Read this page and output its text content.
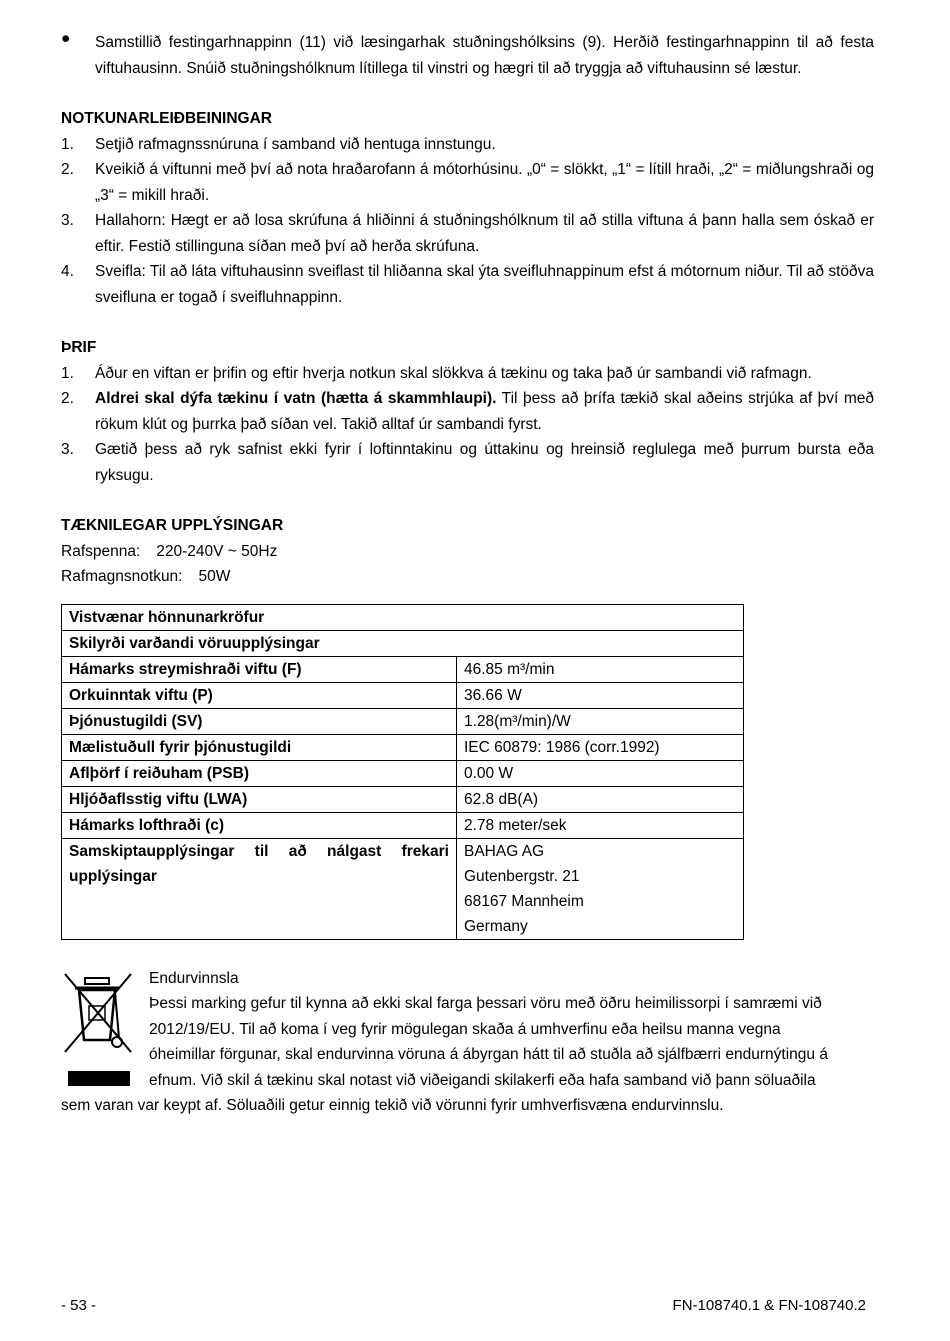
●	Samstillið festingarhnappinn (11) við læsingarhak stuðningshólksins (9). Herðið festingarhnappinn til að festa viftuhausinn. Snúið stuðningshólknum lítillega til vinstri og hægri til að tryggja að viftuhausinn sé læstur.
NOTKUNARLEIÐBEININGAR
1.	Setjið rafmagnssnúruna í samband við hentuga innstungu.
2.	Kveikið á viftunni með því að nota hraðarofann á mótorhúsinu. „0“ = slökkt, „1“ = lítill hraði, „2“ = miðlungshraði og „3“ = mikill hraði.
3.	Hallahorn: Hægt er að losa skrúfuna á hliðinni á stuðningshólknum til að stilla viftuna á þann halla sem óskað er eftir. Festið stillinguna síðan með því að herða skrúfuna.
4.	Sveifla: Til að láta viftuhausinn sveiflast til hliðanna skal ýta sveifluhnappinum efst á mótornum niður. Til að stöðva sveifluna er togað í sveifluhnappinn.
ÞRIF
1.	Áður en viftan er þrifin og eftir hverja notkun skal slökkva á tækinu og taka það úr sambandi við rafmagn.
2.	Aldrei skal dýfa tækinu í vatn (hætta á skammhlaupi). Til þess að þrífa tækið skal aðeins strjúka af því með rökum klút og þurrka það síðan vel. Takið alltaf úr sambandi fyrst.
3.	Gætið þess að ryk safnist ekki fyrir í loftinntakinu og úttakinu og hreinsið reglulega með þurrum bursta eða ryksugu.
TÆKNILEGAR UPPLÝSINGAR
Rafspenna: 220-240V ~ 50Hz
Rafmagnsnotkun: 50W
Vistvænar hönnunarkröfur	
Skilyrði varðandi vöruupplýsingar	
Hámarks streymishraði viftu (F)	46.85 m³/min
Orkuinntak viftu (P)	36.66 W
Þjónustugildi (SV)	1.28(m³/min)/W
Mælistuðull fyrir þjónustugildi	IEC 60879: 1986 (corr.1992)
Aflþörf í reiðuham (PSB)	0.00 W
Hljóðaflsstig viftu (LWA)	62.8 dB(A)
Hámarks lofthraði (c)	2.78 meter/sek
Samskiptaupplýsingar til að nálgast frekari upplýsingar	BAHAG AG
Gutenbergstr. 21
68167 Mannheim
Germany
Endurvinnsla
Þessi marking gefur til kynna að ekki skal farga þessari vöru með öðru heimilissorpi í samræmi við
2012/19/EU. Til að koma í veg fyrir mögulegan skaða á umhverfinu eða heilsu manna vegna
óheimillar förgunar, skal endurvinna vöruna á ábyrgan hátt til að stuðla að sjálfbærri endurnýtingu á
efnum. Við skil á tækinu skal notast við viðeigandi skilakerfi eða hafa samband við þann söluaðila
sem varan var keypt af. Söluaðili getur einnig tekið við vörunni fyrir umhverfisvæna endurvinnslu.
- 53 -	FN-108740.1 & FN-108740.2
